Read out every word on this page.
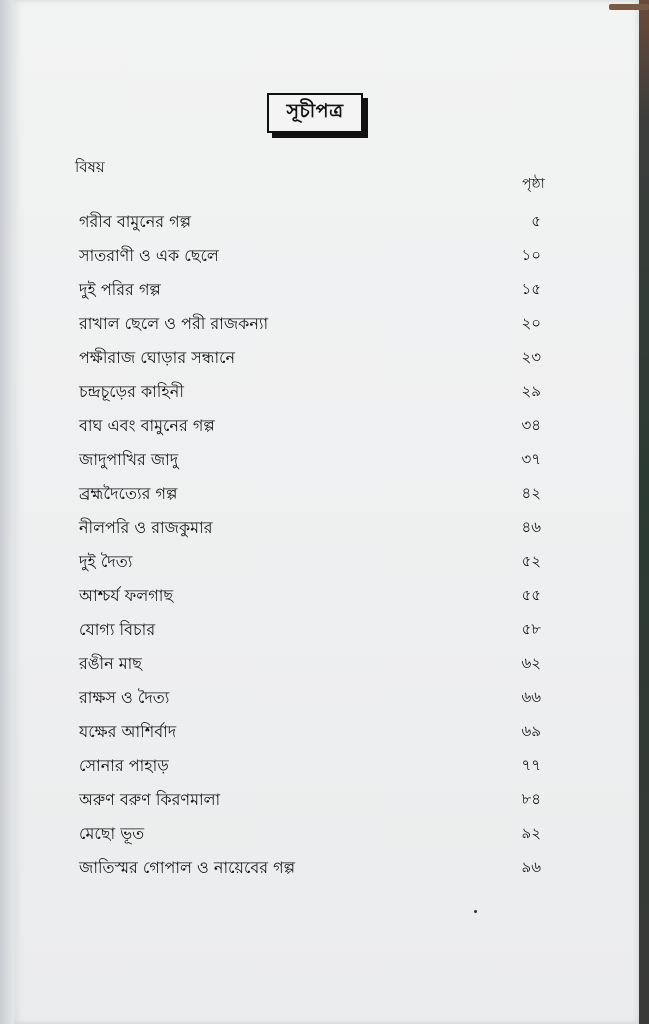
সূচীপত্র
বিষয়
পৃষ্ঠা
গরীব বামুনের গল্প	৫
সাতরাণী ও এক ছেলে	১০
দুই পরির গল্প	১৫
রাখাল ছেলে ও পরী রাজকন্যা	২০
পক্ষীরাজ ঘোড়ার সন্ধানে	২৩
চন্দ্রচূড়ের কাহিনী	২৯
বাঘ এবং বামুনের গল্প	৩৪
জাদুপাখির জাদু	৩৭
ব্রহ্মদৈত্যের গল্প	৪২
নীলপরি ও রাজকুমার	৪৬
দুই দৈত্য	৫২
আশ্চর্য ফলগাছ	৫৫
যোগ্য বিচার	৫৮
রঙীন মাছ	৬২
রাক্ষস ও দৈত্য	৬৬
যক্ষের আশির্বাদ	৬৯
সোনার পাহাড়	৭৭
অরুণ বরুণ কিরণমালা	৮৪
মেছো ভূত	৯২
জাতিস্মর গোপাল ও নায়েবের গল্প	৯৬
